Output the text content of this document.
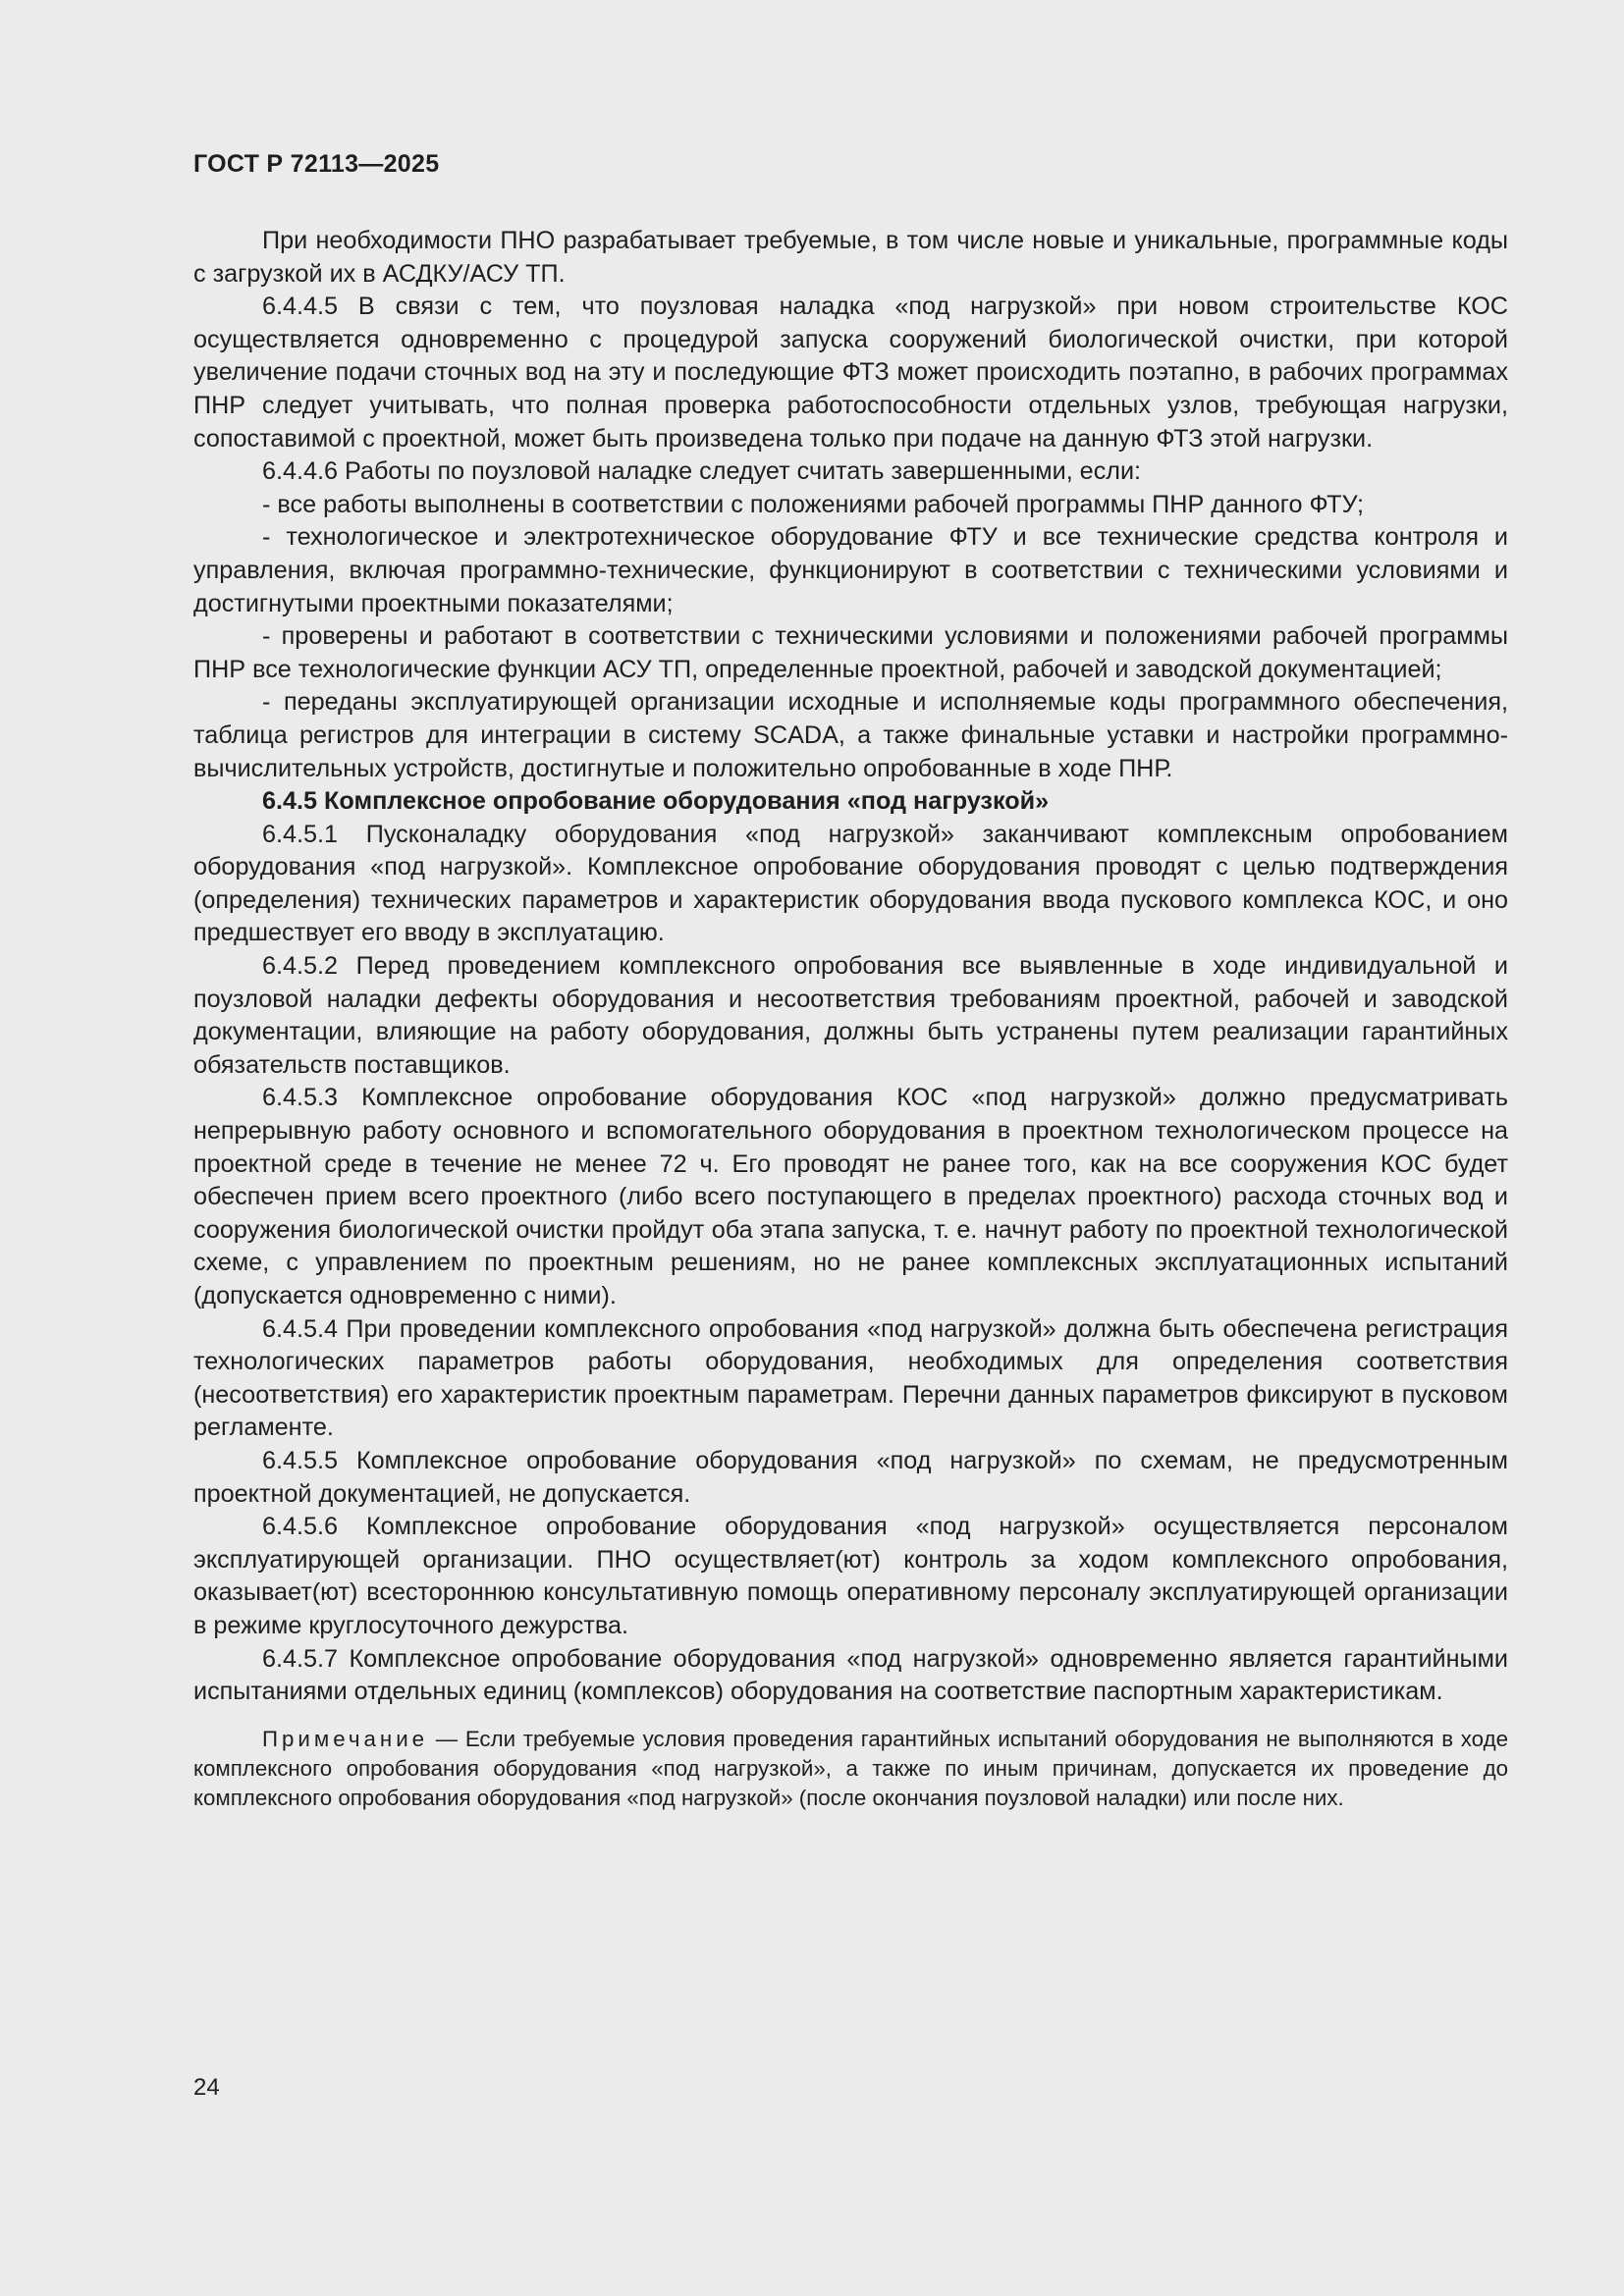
ГОСТ Р 72113—2025

При необходимости ПНО разрабатывает требуемые, в том числе новые и уникальные, программные коды с загрузкой их в АСДКУ/АСУ ТП.

6.4.4.5 В связи с тем, что поузловая наладка «под нагрузкой» при новом строительстве КОС осуществляется одновременно с процедурой запуска сооружений биологической очистки, при которой увеличение подачи сточных вод на эту и последующие ФТЗ может происходить поэтапно, в рабочих программах ПНР следует учитывать, что полная проверка работоспособности отдельных узлов, требующая нагрузки, сопоставимой с проектной, может быть произведена только при подаче на данную ФТЗ этой нагрузки.

6.4.4.6 Работы по поузловой наладке следует считать завершенными, если:

- все работы выполнены в соответствии с положениями рабочей программы ПНР данного ФТУ;

- технологическое и электротехническое оборудование ФТУ и все технические средства контроля и управления, включая программно-технические, функционируют в соответствии с техническими условиями и достигнутыми проектными показателями;

- проверены и работают в соответствии с техническими условиями и положениями рабочей программы ПНР все технологические функции АСУ ТП, определенные проектной, рабочей и заводской документацией;

- переданы эксплуатирующей организации исходные и исполняемые коды программного обеспечения, таблица регистров для интеграции в систему SCADA, а также финальные уставки и настройки программно-вычислительных устройств, достигнутые и положительно опробованные в ходе ПНР.

6.4.5 Комплексное опробование оборудования «под нагрузкой»

6.4.5.1 Пусконаладку оборудования «под нагрузкой» заканчивают комплексным опробованием оборудования «под нагрузкой». Комплексное опробование оборудования проводят с целью подтверждения (определения) технических параметров и характеристик оборудования ввода пускового комплекса КОС, и оно предшествует его вводу в эксплуатацию.

6.4.5.2 Перед проведением комплексного опробования все выявленные в ходе индивидуальной и поузловой наладки дефекты оборудования и несоответствия требованиям проектной, рабочей и заводской документации, влияющие на работу оборудования, должны быть устранены путем реализации гарантийных обязательств поставщиков.

6.4.5.3 Комплексное опробование оборудования КОС «под нагрузкой» должно предусматривать непрерывную работу основного и вспомогательного оборудования в проектном технологическом процессе на проектной среде в течение не менее 72 ч. Его проводят не ранее того, как на все сооружения КОС будет обеспечен прием всего проектного (либо всего поступающего в пределах проектного) расхода сточных вод и сооружения биологической очистки пройдут оба этапа запуска, т. е. начнут работу по проектной технологической схеме, с управлением по проектным решениям, но не ранее комплексных эксплуатационных испытаний (допускается одновременно с ними).

6.4.5.4 При проведении комплексного опробования «под нагрузкой» должна быть обеспечена регистрация технологических параметров работы оборудования, необходимых для определения соответствия (несоответствия) его характеристик проектным параметрам. Перечни данных параметров фиксируют в пусковом регламенте.

6.4.5.5 Комплексное опробование оборудования «под нагрузкой» по схемам, не предусмотренным проектной документацией, не допускается.

6.4.5.6 Комплексное опробование оборудования «под нагрузкой» осуществляется персоналом эксплуатирующей организации. ПНО осуществляет(ют) контроль за ходом комплексного опробования, оказывает(ют) всестороннюю консультативную помощь оперативному персоналу эксплуатирующей организации в режиме круглосуточного дежурства.

6.4.5.7 Комплексное опробование оборудования «под нагрузкой» одновременно является гарантийными испытаниями отдельных единиц (комплексов) оборудования на соответствие паспортным характеристикам.

Примечание — Если требуемые условия проведения гарантийных испытаний оборудования не выполняются в ходе комплексного опробования оборудования «под нагрузкой», а также по иным причинам, допускается их проведение до комплексного опробования оборудования «под нагрузкой» (после окончания поузловой наладки) или после них.

24
